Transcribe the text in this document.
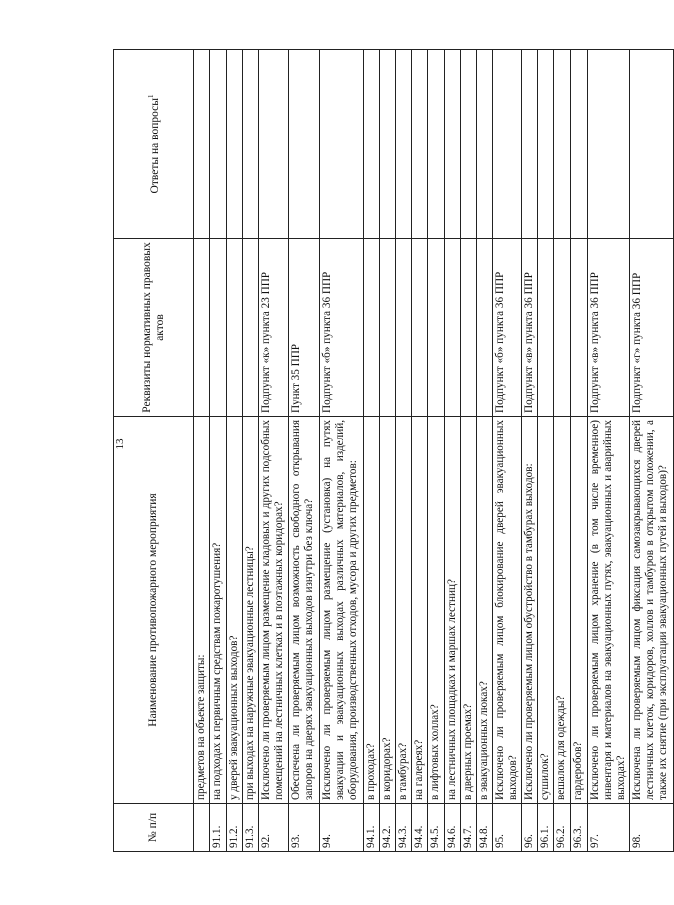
13
№ п/п	Наименование противопожарного мероприятия	Реквизиты нормативных правовых актов	Ответы на вопросы$^1$
	предметов на объекте защиты:		
91.1.	на подходах к первичным средствам пожаротушения?		
91.2.	у дверей эвакуационных выходов?		
91.3.	при выходах на наружные эвакуационные лестницы?		
92.	Исключено ли проверяемым лицом размещение кладовых и других подсобных помещений на лестничных клетках и в поэтажных коридорах?	Подпункт «к» пункта 23 ППР	
93.	Обеспечена ли проверяемым лицом возможность свободного открывания запоров на дверях эвакуационных выходов изнутри без ключа?	Пункт 35 ППР	
94.	Исключено ли проверяемым лицом размещение (установка) на путях эвакуации и эвакуационных выходах различных материалов, изделий, оборудования, производственных отходов, мусора и других предметов:	Подпункт «б» пункта 36 ППР	
94.1.	в проходах?		
94.2.	в коридорах?		
94.3.	в тамбурах?		
94.4.	на галереях?		
94.5.	в лифтовых холлах?		
94.6.	на лестничных площадках и маршах лестниц?		
94.7.	в дверных проемах?		
94.8.	в эвакуационных люках?		
95.	Исключено ли проверяемым лицом блокирование дверей эвакуационных выходов?	Подпункт «б» пункта 36 ППР	
96.	Исключено ли проверяемым лицом обустройство в тамбурах выходов:	Подпункт «в» пункта 36 ППР	
96.1.	сушилок?		
96.2.	вешалок для одежды?		
96.3.	гардеробов?		
97.	Исключено ли проверяемым лицом хранение (в том числе временное) инвентаря и материалов на эвакуационных путях, эвакуационных и аварийных выходах?	Подпункт «в» пункта 36 ППР	
98.	Исключена ли проверяемым лицом фиксация самозакрывающихся дверей лестничных клеток, коридоров, холлов и тамбуров в открытом положении, а также их снятие (при эксплуатации эвакуационных путей и выходов)?	Подпункт «г» пункта 36 ППР	
